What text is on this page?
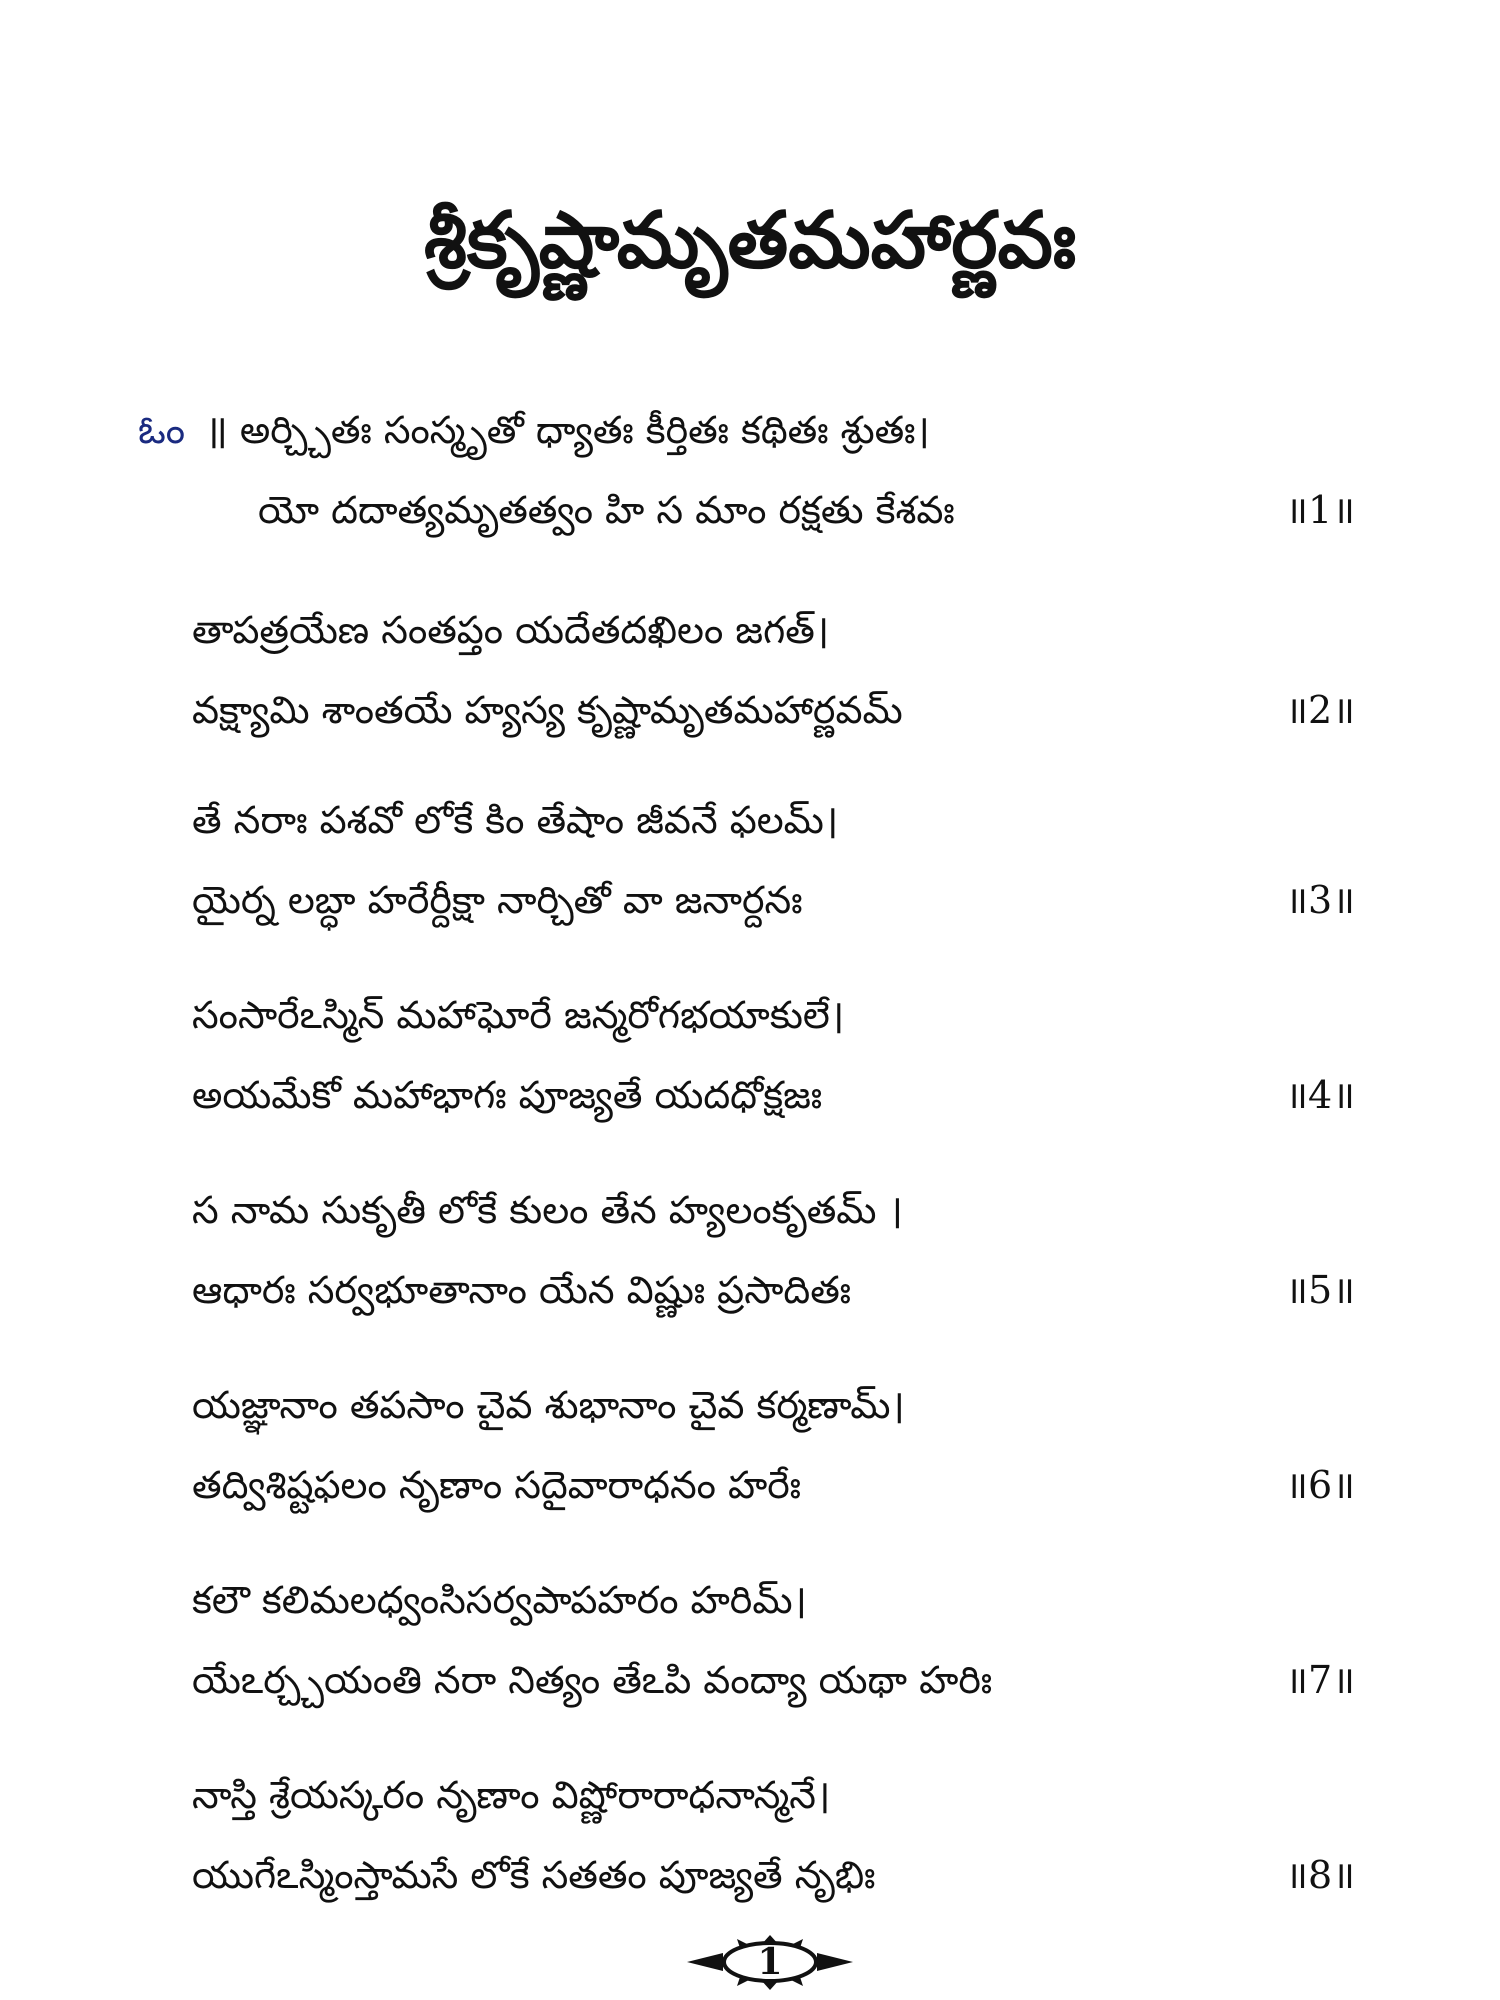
శ్రీకృష్ణామృతమహార్ణవః
ఓం ॥ అర్చ్చితః సంస్మృతో ధ్యాతః కీర్తితః కథితః శ్రుతః।
యో దదాత్యమృతత్వం హి స మాం రక్షతు కేశవః	॥1॥
తాపత్రయేణ సంతప్తం యదేతదఖిలం జగత్।
వక్ష్యామి శాంతయే హ్యస్య కృష్ణామృతమహార్ణవమ్	॥2॥
తే నరాః పశవో లోకే కిం తేషాం జీవనే ఫలమ్।
యైర్న లబ్ధా హరేర్దీక్షా నార్చితో వా జనార్దనః	॥3॥
సంసారేఽస్మిన్ మహాఘోరే జన్మరోగభయాకులే।
అయమేకో మహాభాగః పూజ్యతే యదధోక్షజః	॥4॥
స నామ సుకృతీ లోకే కులం తేన హ్యలంకృతమ్ ।
ఆధారః సర్వభూతానాం యేన విష్ణుః ప్రసాదితః	॥5॥
యజ్ఞానాం తపసాం చైవ శుభానాం చైవ కర్మణామ్।
తద్విశిష్టఫలం నృణాం సదైవారాధనం హరేః	॥6॥
కలౌ కలిమలధ్వంసిసర్వపాపహరం హరిమ్।
యేఽర్చ్చయంతి నరా నిత్యం తేఽపి వంద్యా యథా హరిః	॥7॥
నాస్తి శ్రేయస్కరం నృణాం విష్ణోరారాధనాన్మనే।
యుగేఽస్మింస్తామసే లోకే సతతం పూజ్యతే నృభిః	॥8॥
1
